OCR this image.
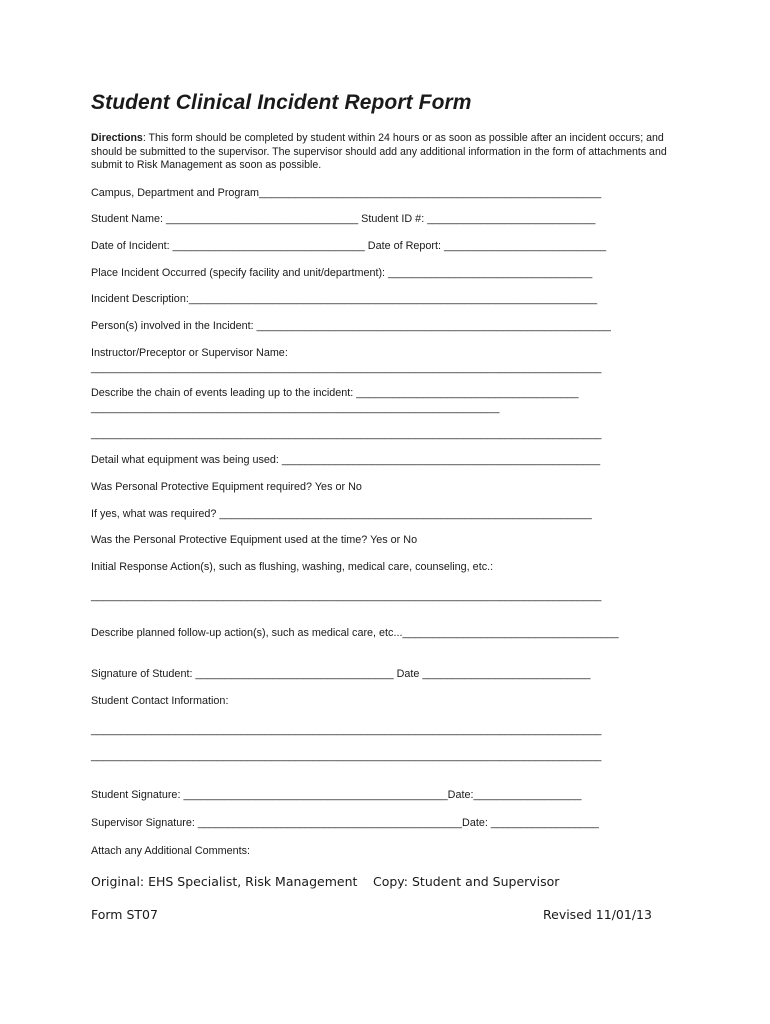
Student Clinical Incident Report Form
Directions: This form should be completed by student within 24 hours or as soon as possible after an incident occurs; and should be submitted to the supervisor. The supervisor should add any additional information in the form of attachments and submit to Risk Management as soon as possible.
Campus, Department and Program_________________________________________________________
Student Name: ________________________________ Student ID #: ____________________________
Date of Incident: ________________________________ Date of Report: ___________________________
Place Incident Occurred (specify facility and unit/department): __________________________________
Incident Description:____________________________________________________________________
Person(s) involved in the Incident: ___________________________________________________________
Instructor/Preceptor or Supervisor Name:
_____________________________________________________________________________________
Describe the chain of events leading up to the incident: _____________________________________
____________________________________________________________________
_____________________________________________________________________________________
Detail what equipment was being used: _____________________________________________________
Was Personal Protective Equipment required? Yes or No
If yes, what was required? ______________________________________________________________
Was the Personal Protective Equipment used at the time? Yes or No
Initial Response Action(s), such as flushing, washing, medical care, counseling, etc.:
_____________________________________________________________________________________
Describe planned follow-up action(s), such as medical care, etc...____________________________________
Signature of Student: _________________________________ Date ____________________________
Student Contact Information:
_____________________________________________________________________________________
_____________________________________________________________________________________
Student Signature: ____________________________________________Date:__________________
Supervisor Signature: ____________________________________________Date: __________________
Attach any Additional Comments:
Original: EHS Specialist, Risk Management Copy: Student and Supervisor
Form ST07	Revised 11/01/13
